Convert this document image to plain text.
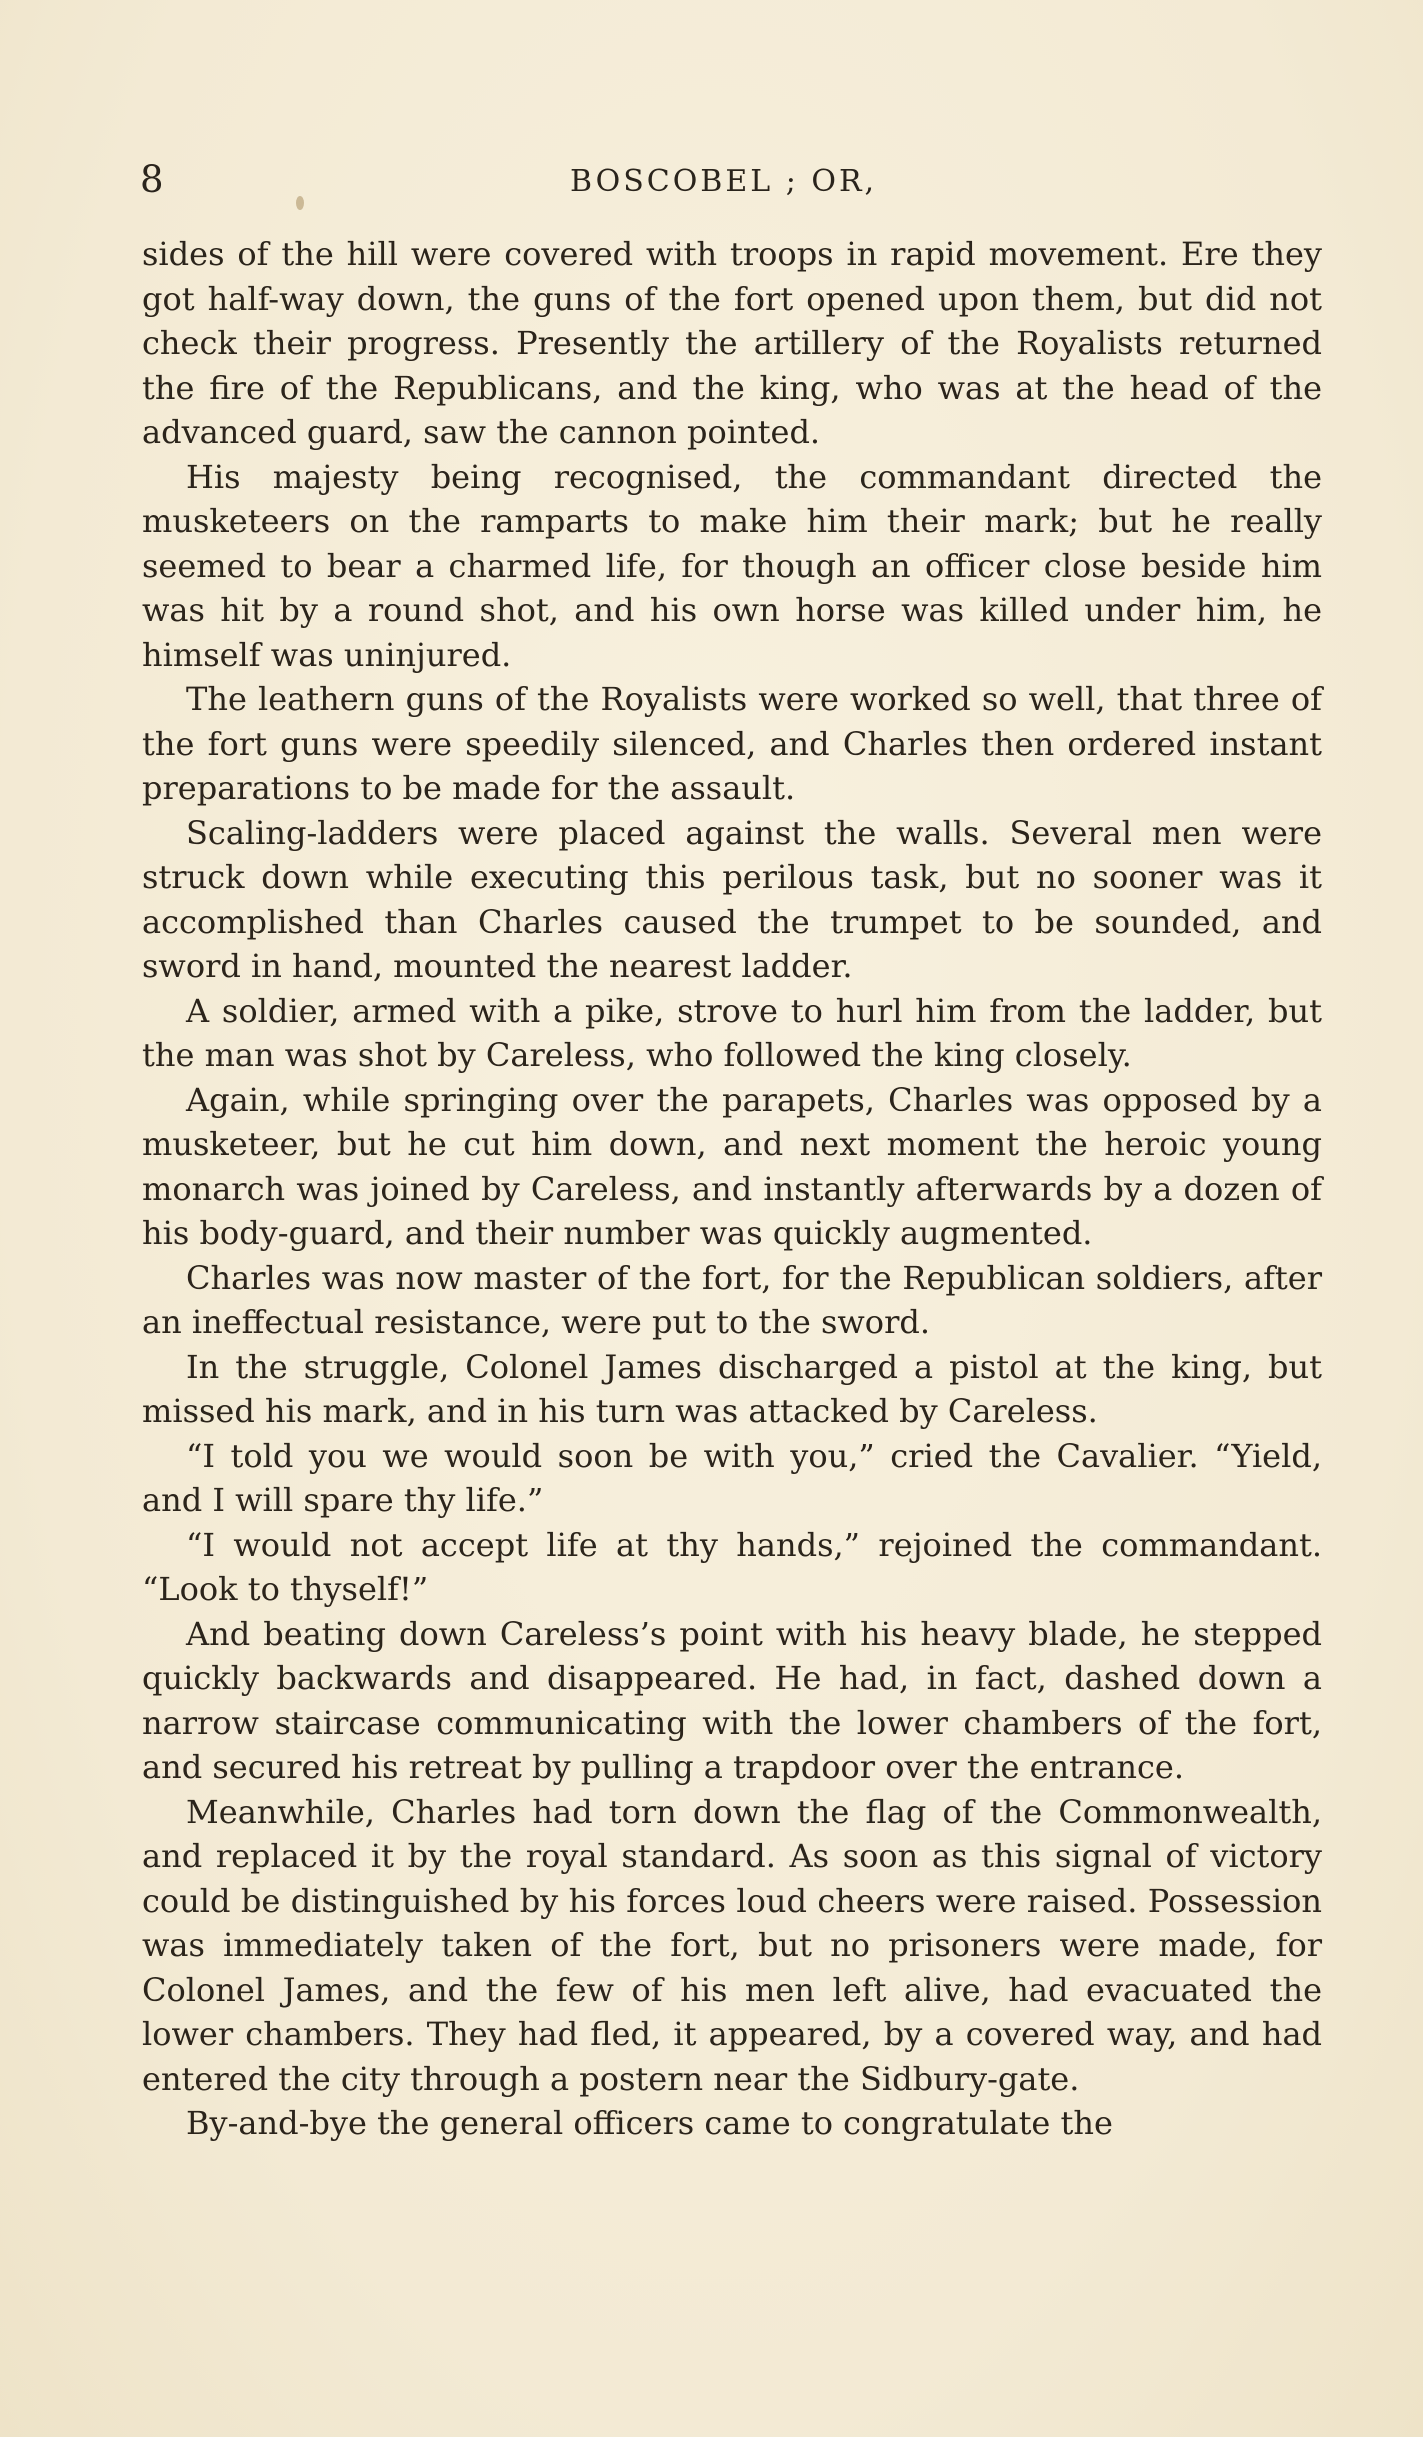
8	BOSCOBEL ; OR,

sides of the hill were covered with troops in rapid movement. Ere they got half-way down, the guns of the fort opened upon them, but did not check their progress. Presently the artillery of the Royalists returned the fire of the Republicans, and the king, who was at the head of the advanced guard, saw the cannon pointed.

His majesty being recognised, the commandant directed the musketeers on the ramparts to make him their mark; but he really seemed to bear a charmed life, for though an officer close beside him was hit by a round shot, and his own horse was killed under him, he himself was uninjured.

The leathern guns of the Royalists were worked so well, that three of the fort guns were speedily silenced, and Charles then ordered instant preparations to be made for the assault.

Scaling-ladders were placed against the walls. Several men were struck down while executing this perilous task, but no sooner was it accomplished than Charles caused the trumpet to be sounded, and sword in hand, mounted the nearest ladder.

A soldier, armed with a pike, strove to hurl him from the ladder, but the man was shot by Careless, who followed the king closely.

Again, while springing over the parapets, Charles was opposed by a musketeer, but he cut him down, and next moment the heroic young monarch was joined by Careless, and instantly afterwards by a dozen of his body-guard, and their number was quickly augmented.

Charles was now master of the fort, for the Republican soldiers, after an ineffectual resistance, were put to the sword.

In the struggle, Colonel James discharged a pistol at the king, but missed his mark, and in his turn was attacked by Careless.

“I told you we would soon be with you,” cried the Cavalier. “Yield, and I will spare thy life.”

“I would not accept life at thy hands,” rejoined the commandant. “Look to thyself!”

And beating down Careless’s point with his heavy blade, he stepped quickly backwards and disappeared. He had, in fact, dashed down a narrow staircase communicating with the lower chambers of the fort, and secured his retreat by pulling a trapdoor over the entrance.

Meanwhile, Charles had torn down the flag of the Commonwealth, and replaced it by the royal standard. As soon as this signal of victory could be distinguished by his forces loud cheers were raised. Possession was immediately taken of the fort, but no prisoners were made, for Colonel James, and the few of his men left alive, had evacuated the lower chambers. They had fled, it appeared, by a covered way, and had entered the city through a postern near the Sidbury-gate.

By-and-bye the general officers came to congratulate the
